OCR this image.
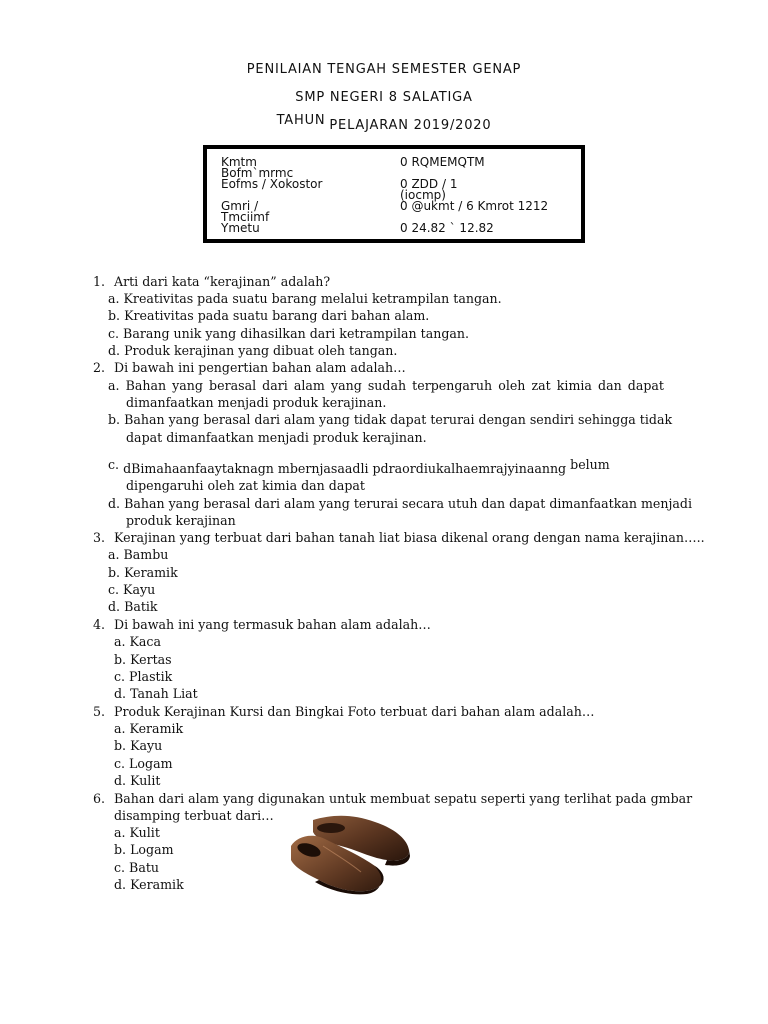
PENILAIAN TENGAH SEMESTER GENAP
SMP NEGERI 8 SALATIGA
TAHUN PELAJARAN 2019/2020
Kmtm
Bofm`mrmc
0 RQMEMQTM
Eofms / Xokostor	0 ZDD / 1
(iocmp)
Gmri /
Tmciimf
0 @ukmt / 6 Kmrot 1212
Ymetu	0 24.82 ` 12.82
1. Arti dari kata “kerajinan” adalah?
a. Kreativitas pada suatu barang melalui ketrampilan tangan.
b. Kreativitas pada suatu barang dari bahan alam.
c. Barang unik yang dihasilkan dari ketrampilan tangan.
d. Produk kerajinan yang dibuat oleh tangan.
2. Di bawah ini pengertian bahan alam adalah…
a. Bahan yang berasal dari alam yang sudah terpengaruh oleh zat kimia dan dapat
dimanfaatkan menjadi produk kerajinan.
b. Bahan yang berasal dari alam yang tidak dapat terurai dengan sendiri sehingga tidak
dapat dimanfaatkan menjadi produk kerajinan.
c. dBimahaanfaaytaknagn mbernjasaadli pdraordiukalhaemrajyinaanng belum
dipengaruhi oleh zat kimia dan dapat
d. Bahan yang berasal dari alam yang terurai secara utuh dan dapat dimanfaatkan menjadi
produk kerajinan
3. Kerajinan yang terbuat dari bahan tanah liat biasa dikenal orang dengan nama kerajinan…..
a. Bambu
b. Keramik
c. Kayu
d. Batik
4. Di bawah ini yang termasuk bahan alam adalah…
a. Kaca
b. Kertas
c. Plastik
d. Tanah Liat
5. Produk Kerajinan Kursi dan Bingkai Foto terbuat dari bahan alam adalah…
a. Keramik
b. Kayu
c. Logam
d. Kulit
6. Bahan dari alam yang digunakan untuk membuat sepatu seperti yang terlihat pada gmbar
disamping terbuat dari…
a. Kulit
b. Logam
c. Batu
d. Keramik
